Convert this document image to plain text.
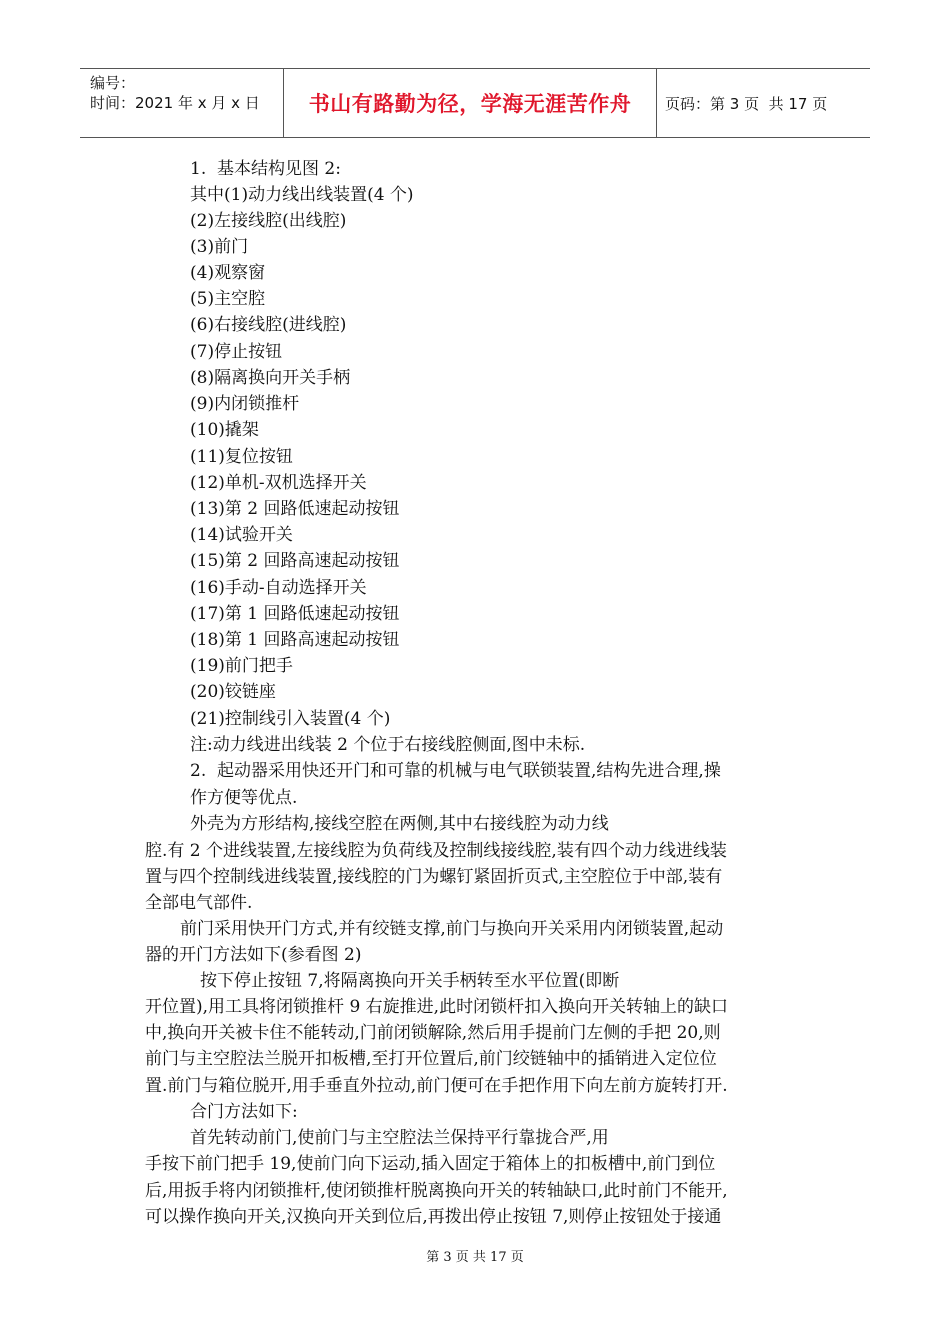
编号：
时间：2021 年 x 月 x 日	书山有路勤为径，学海无涯苦作舟 页码：第 3 页  共 17 页
1.  基本结构见图 2:
其中(1)动力线出线装置(4 个)
(2)左接线腔(出线腔)
(3)前门
(4)观察窗
(5)主空腔
(6)右接线腔(进线腔)
(7)停止按钮
(8)隔离换向开关手柄
(9)内闭锁推杆
(10)撬架
(11)复位按钮
(12)单机-双机选择开关
(13)第 2 回路低速起动按钮
(14)试验开关
(15)第 2 回路高速起动按钮
(16)手动-自动选择开关
(17)第 1 回路低速起动按钮
(18)第 1 回路高速起动按钮
(19)前门把手
(20)铰链座
(21)控制线引入装置(4 个)
注:动力线进出线装 2 个位于右接线腔侧面,图中未标.
2.  起动器采用快还开门和可靠的机械与电气联锁装置,结构先进合理,操
作方便等优点.
外壳为方形结构,接线空腔在两侧,其中右接线腔为动力线
腔.有 2 个进线装置,左接线腔为负荷线及控制线接线腔,装有四个动力线进线装
置与四个控制线进线装置,接线腔的门为螺钉紧固折页式,主空腔位于中部,装有
全部电气部件.
前门采用快开门方式,并有绞链支撑,前门与换向开关采用内闭锁装置,起动
器的开门方法如下(参看图 2)
按下停止按钮 7,将隔离换向开关手柄转至水平位置(即断
开位置),用工具将闭锁推杆 9 右旋推进,此时闭锁杆扣入换向开关转轴上的缺口
中,换向开关被卡住不能转动,门前闭锁解除,然后用手提前门左侧的手把 20,则
前门与主空腔法兰脱开扣板槽,至打开位置后,前门绞链轴中的插销进入定位位
置.前门与箱位脱开,用手垂直外拉动,前门便可在手把作用下向左前方旋转打开.
合门方法如下:
首先转动前门,使前门与主空腔法兰保持平行靠拢合严,用
手按下前门把手 19,使前门向下运动,插入固定于箱体上的扣板槽中,前门到位
后,用扳手将内闭锁推杆,使闭锁推杆脱离换向开关的转轴缺口,此时前门不能开,
可以操作换向开关,汉换向开关到位后,再拨出停止按钮 7,则停止按钮处于接通
第 3 页 共 17 页
